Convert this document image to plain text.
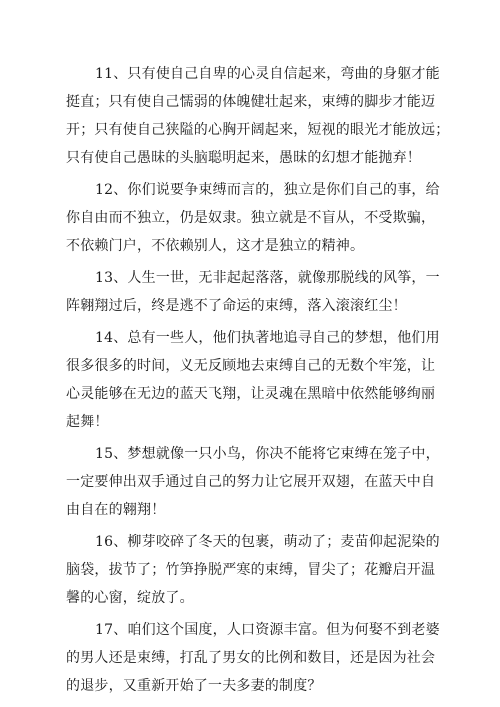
11、只有使自己自卑的心灵自信起来，弯曲的身躯才能
挺直；只有使自己懦弱的体魄健壮起来，束缚的脚步才能迈
开；只有使自己狭隘的心胸开阔起来，短视的眼光才能放远；
只有使自己愚昧的头脑聪明起来，愚昧的幻想才能抛弃！
12、你们说要争束缚而言的，独立是你们自己的事，给
你自由而不独立，仍是奴隶。独立就是不盲从，不受欺骗，
不依赖门户，不依赖别人，这才是独立的精神。
13、人生一世，无非起起落落，就像那脱线的风筝，一
阵翱翔过后，终是逃不了命运的束缚，落入滚滚红尘！
14、总有一些人，他们执著地追寻自己的梦想，他们用
很多很多的时间，义无反顾地去束缚自己的无数个牢笼，让
心灵能够在无边的蓝天飞翔，让灵魂在黑暗中依然能够绚丽
起舞！
15、梦想就像一只小鸟，你决不能将它束缚在笼子中，
一定要伸出双手通过自己的努力让它展开双翅，在蓝天中自
由自在的翱翔！
16、柳芽咬碎了冬天的包裹，萌动了；麦苗仰起泥染的
脑袋，拔节了；竹笋挣脱严寒的束缚，冒尖了；花瓣启开温
馨的心窗，绽放了。
17、咱们这个国度，人口资源丰富。但为何娶不到老婆
的男人还是束缚，打乱了男女的比例和数目，还是因为社会
的退步，又重新开始了一夫多妻的制度？
